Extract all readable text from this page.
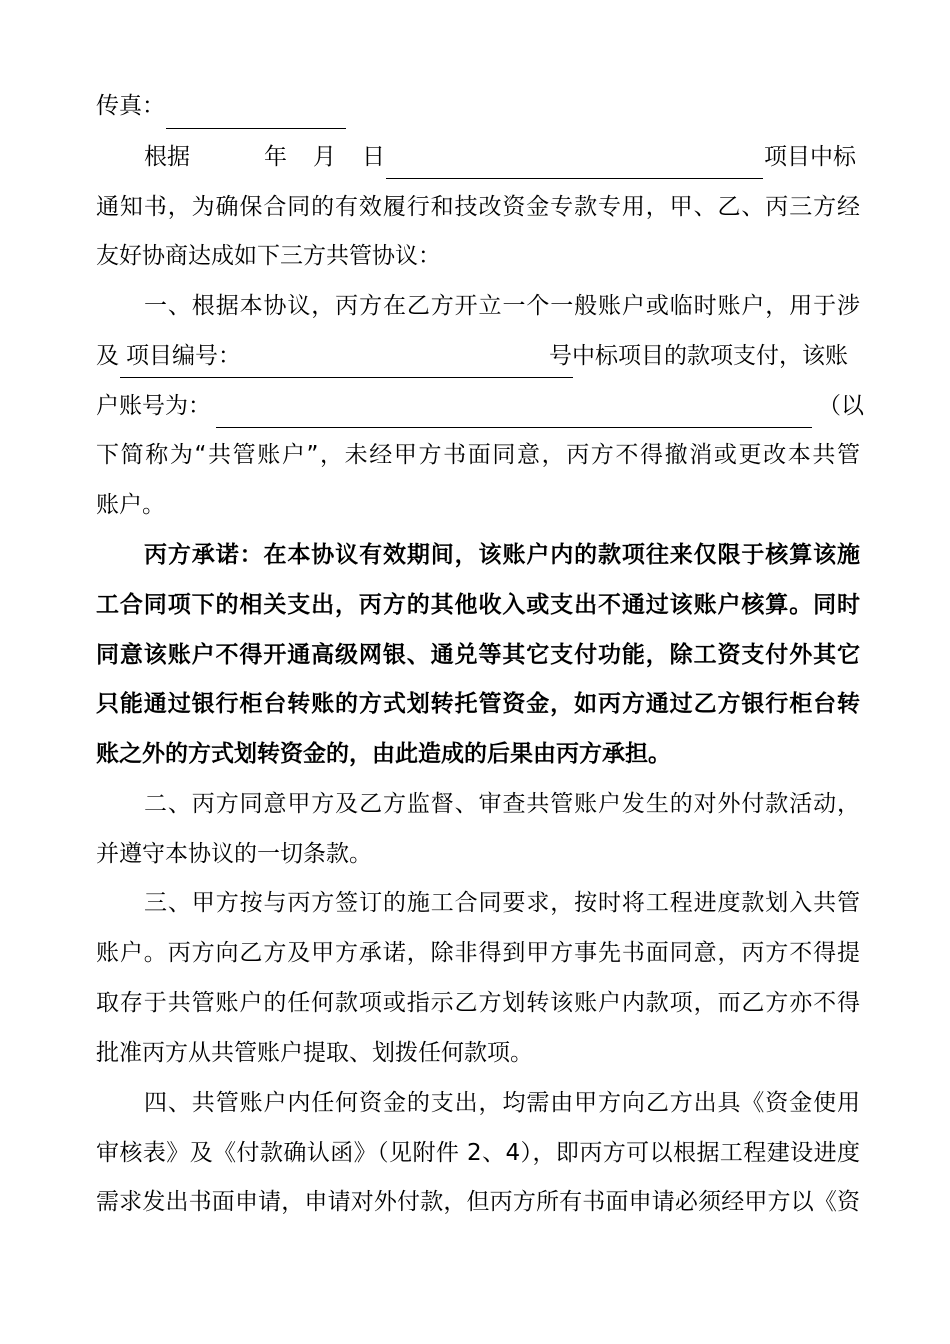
传真：
根据	年 月 日	项目中标
通知书，为确保合同的有效履行和技改资金专款专用，甲、乙、丙三方经
友好协商达成如下三方共管协议：
一、根据本协议，丙方在乙方开立一个一般账户或临时账户，用于涉
及 项目编号：	号中标项目的款项支付，该账
户账号为：	（以
下简称为“共管账户”，未经甲方书面同意，丙方不得撤消或更改本共管
账户。
丙方承诺：在本协议有效期间，该账户内的款项往来仅限于核算该施
工合同项下的相关支出，丙方的其他收入或支出不通过该账户核算。同时
同意该账户不得开通高级网银、通兑等其它支付功能，除工资支付外其它
只能通过银行柜台转账的方式划转托管资金，如丙方通过乙方银行柜台转
账之外的方式划转资金的，由此造成的后果由丙方承担。
二、丙方同意甲方及乙方监督、审查共管账户发生的对外付款活动，
并遵守本协议的一切条款。
三、甲方按与丙方签订的施工合同要求，按时将工程进度款划入共管
账户。丙方向乙方及甲方承诺，除非得到甲方事先书面同意，丙方不得提
取存于共管账户的任何款项或指示乙方划转该账户内款项，而乙方亦不得
批准丙方从共管账户提取、划拨任何款项。
四、共管账户内任何资金的支出，均需由甲方向乙方出具《资金使用
审核表》及《付款确认函》（见附件 2、4），即丙方可以根据工程建设进度
需求发出书面申请，申请对外付款，但丙方所有书面申请必须经甲方以《资
